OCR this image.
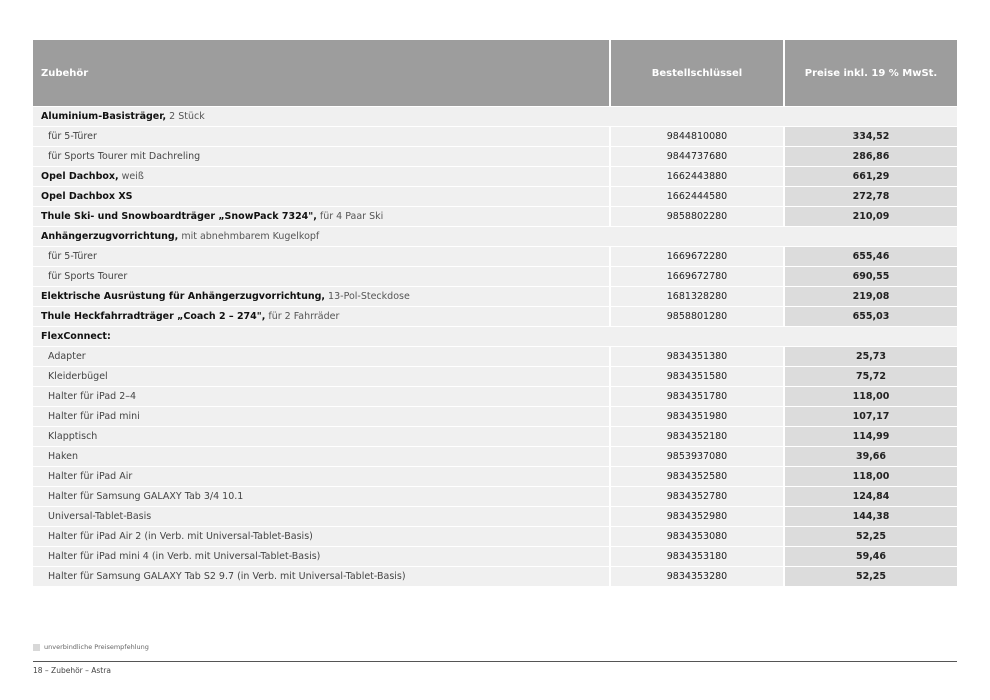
Zubehör	Bestellschlüssel	Preise inkl. 19 % MwSt.
Aluminium-Basisträger, 2 Stück
für 5-Türer	9844810080	334,52
für Sports Tourer mit Dachreling	9844737680	286,86
Opel Dachbox, weiß	1662443880	661,29
Opel Dachbox XS	1662444580	272,78
Thule Ski- und Snowboardträger „SnowPack 7324", für 4 Paar Ski	9858802280	210,09
Anhängerzugvorrichtung, mit abnehmbarem Kugelkopf
für 5-Türer	1669672280	655,46
für Sports Tourer	1669672780	690,55
Elektrische Ausrüstung für Anhängerzugvorrichtung, 13-Pol-Steckdose	1681328280	219,08
Thule Heckfahrradträger „Coach 2 – 274", für 2 Fahrräder	9858801280	655,03
FlexConnect:
Adapter	9834351380	25,73
Kleiderbügel	9834351580	75,72
Halter für iPad 2–4	9834351780	118,00
Halter für iPad mini	9834351980	107,17
Klapptisch	9834352180	114,99
Haken	9853937080	39,66
Halter für iPad Air	9834352580	118,00
Halter für Samsung GALAXY Tab 3/4 10.1	9834352780	124,84
Universal-Tablet-Basis	9834352980	144,38
Halter für iPad Air 2 (in Verb. mit Universal-Tablet-Basis)	9834353080	52,25
Halter für iPad mini 4 (in Verb. mit Universal-Tablet-Basis)	9834353180	59,46
Halter für Samsung GALAXY Tab S2 9.7 (in Verb. mit Universal-Tablet-Basis)	9834353280	52,25
unverbindliche Preisempfehlung
18 – Zubehör – Astra
